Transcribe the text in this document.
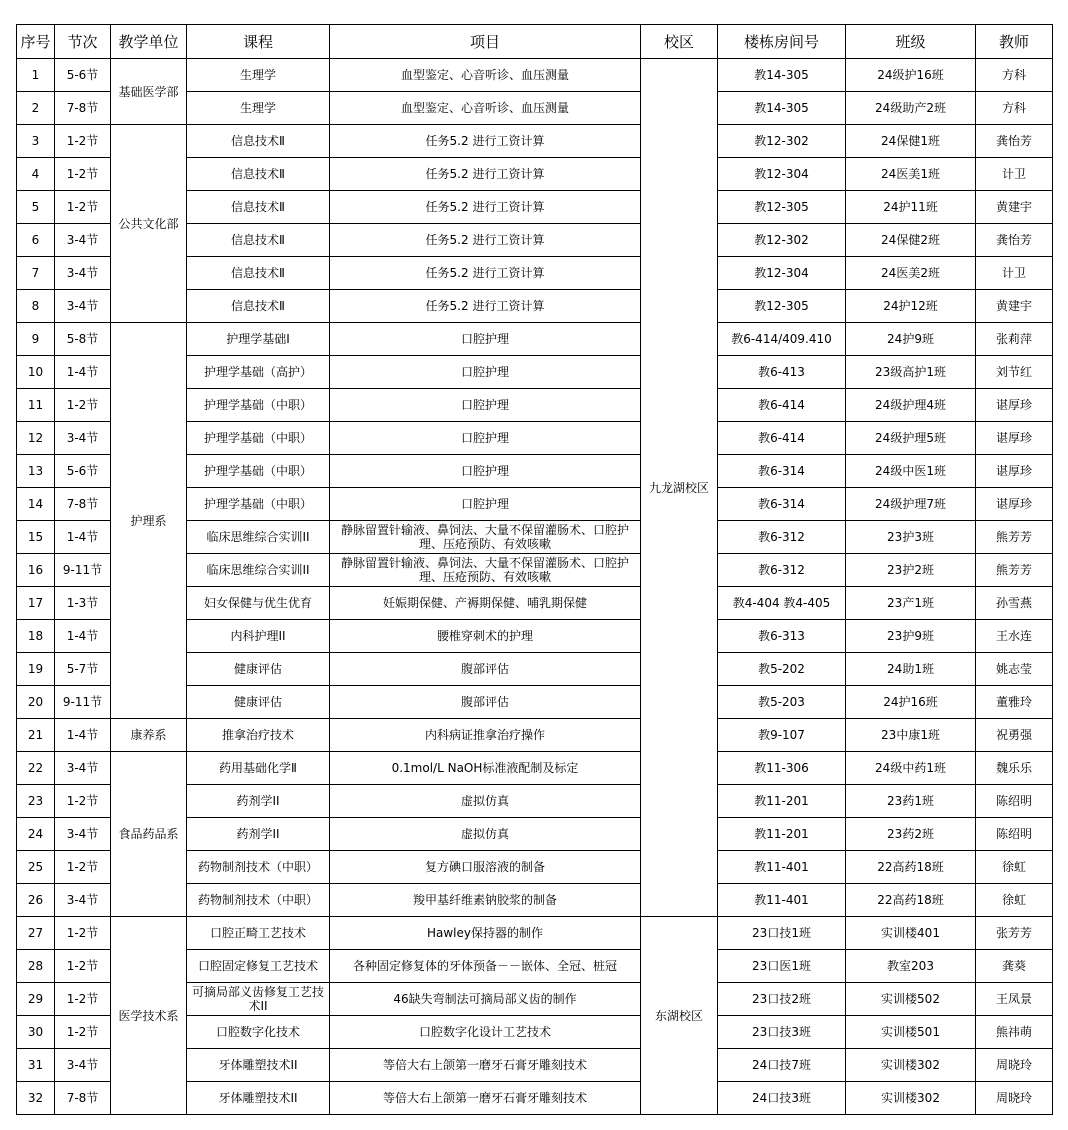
序号	节次	教学单位	课程	项目	校区	楼栋房间号	班级	教师
1	5-6节	基础医学部	生理学	血型鉴定、心音听诊、血压测量	九龙湖校区	教14-305	24级护16班	方科
2	7-8节		生理学	血型鉴定、心音听诊、血压测量		教14-305	24级助产2班	方科
3	1-2节	公共文化部	信息技术Ⅱ	任务5.2 进行工资计算		教12-302	24保健1班	龚怡芳
4	1-2节		信息技术Ⅱ	任务5.2 进行工资计算		教12-304	24医美1班	计卫
5	1-2节		信息技术Ⅱ	任务5.2 进行工资计算		教12-305	24护11班	黄建宇
6	3-4节		信息技术Ⅱ	任务5.2 进行工资计算		教12-302	24保健2班	龚怡芳
7	3-4节		信息技术Ⅱ	任务5.2 进行工资计算		教12-304	24医美2班	计卫
8	3-4节		信息技术Ⅱ	任务5.2 进行工资计算		教12-305	24护12班	黄建宇
9	5-8节	护理系	护理学基础I	口腔护理		教6-414/409.410	24护9班	张莉萍
10	1-4节		护理学基础（高护）	口腔护理		教6-413	23级高护1班	刘节红
11	1-2节		护理学基础（中职）	口腔护理		教6-414	24级护理4班	谌厚珍
12	3-4节		护理学基础（中职）	口腔护理		教6-414	24级护理5班	谌厚珍
13	5-6节		护理学基础（中职）	口腔护理		教6-314	24级中医1班	谌厚珍
14	7-8节		护理学基础（中职）	口腔护理		教6-314	24级护理7班	谌厚珍
15	1-4节		临床思维综合实训II	静脉留置针输液、鼻饲法、大量不保留灌肠术、口腔护理、压疮预防、有效咳嗽		教6-312	23护3班	熊芳芳
16	9-11节		临床思维综合实训II	静脉留置针输液、鼻饲法、大量不保留灌肠术、口腔护理、压疮预防、有效咳嗽		教6-312	23护2班	熊芳芳
17	1-3节		妇女保健与优生优育	妊娠期保健、产褥期保健、哺乳期保健		教4-404 教4-405	23产1班	孙雪燕
18	1-4节		内科护理II	腰椎穿刺术的护理		教6-313	23护9班	王水连
19	5-7节		健康评估	腹部评估		教5-202	24助1班	姚志莹
20	9-11节		健康评估	腹部评估		教5-203	24护16班	董雅玲
21	1-4节	康养系	推拿治疗技术	内科病证推拿治疗操作		教9-107	23中康1班	祝勇强
22	3-4节	食品药品系	药用基础化学Ⅱ	0.1mol/L NaOH标准液配制及标定		教11-306	24级中药1班	魏乐乐
23	1-2节		药剂学II	虚拟仿真		教11-201	23药1班	陈绍明
24	3-4节		药剂学II	虚拟仿真		教11-201	23药2班	陈绍明
25	1-2节		药物制剂技术（中职）	复方碘口服溶液的制备		教11-401	22高药18班	徐虹
26	3-4节		药物制剂技术（中职）	羧甲基纤维素钠胶浆的制备		教11-401	22高药18班	徐虹
27	1-2节	医学技术系	口腔正畸工艺技术	Hawley保持器的制作	东湖校区	23口技1班	实训楼401	张芳芳
28	1-2节		口腔固定修复工艺技术	各种固定修复体的牙体预备－－嵌体、全冠、桩冠		23口医1班	教室203	龚葵
29	1-2节		可摘局部义齿修复工艺技术II	46缺失弯制法可摘局部义齿的制作		23口技2班	实训楼502	王凤景
30	1-2节		口腔数字化技术	口腔数字化设计工艺技术		23口技3班	实训楼501	熊祎萌
31	3-4节		牙体雕塑技术II	等倍大右上颌第一磨牙石膏牙雕刻技术		24口技7班	实训楼302	周晓玲
32	7-8节		牙体雕塑技术II	等倍大右上颌第一磨牙石膏牙雕刻技术		24口技3班	实训楼302	周晓玲
